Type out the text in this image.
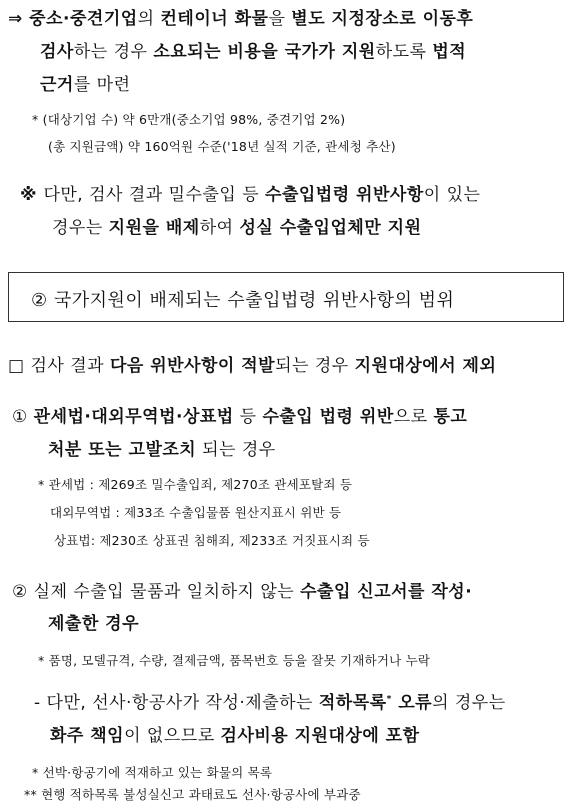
⇒ 중소·중견기업의 컨테이너 화물을 별도 지정장소로 이동후
검사하는 경우 소요되는 비용을 국가가 지원하도록 법적
근거를 마련
* (대상기업 수) 약 6만개(중소기업 98%, 중견기업 2%)
(총 지원금액) 약 160억원 수준('18년 실적 기준, 관세청 추산)
※ 다만, 검사 결과 밀수출입 등 수출입법령 위반사항이 있는
경우는 지원을 배제하여 성실 수출입업체만 지원
② 국가지원이 배제되는 수출입법령 위반사항의 범위
□ 검사 결과 다음 위반사항이 적발되는 경우 지원대상에서 제외
① 관세법·대외무역법·상표법 등 수출입 법령 위반으로 통고
처분 또는 고발조치 되는 경우
* 관세법 : 제269조 밀수출입죄, 제270조 관세포탈죄 등
대외무역법 : 제33조 수출입물품 원산지표시 위반 등
상표법: 제230조 상표권 침해죄, 제233조 거짓표시죄 등
② 실제 수출입 물품과 일치하지 않는 수출입 신고서를 작성·
제출한 경우
* 품명, 모델규격, 수량, 결제금액, 품목번호 등을 잘못 기재하거나 누락
- 다만, 선사·항공사가 작성·제출하는 적하목록* 오류의 경우는
화주 책임이 없으므로 검사비용 지원대상에 포함
* 선박·항공기에 적재하고 있는 화물의 목록
** 현행 적하목록 불성실신고 과태료도 선사·항공사에 부과중
